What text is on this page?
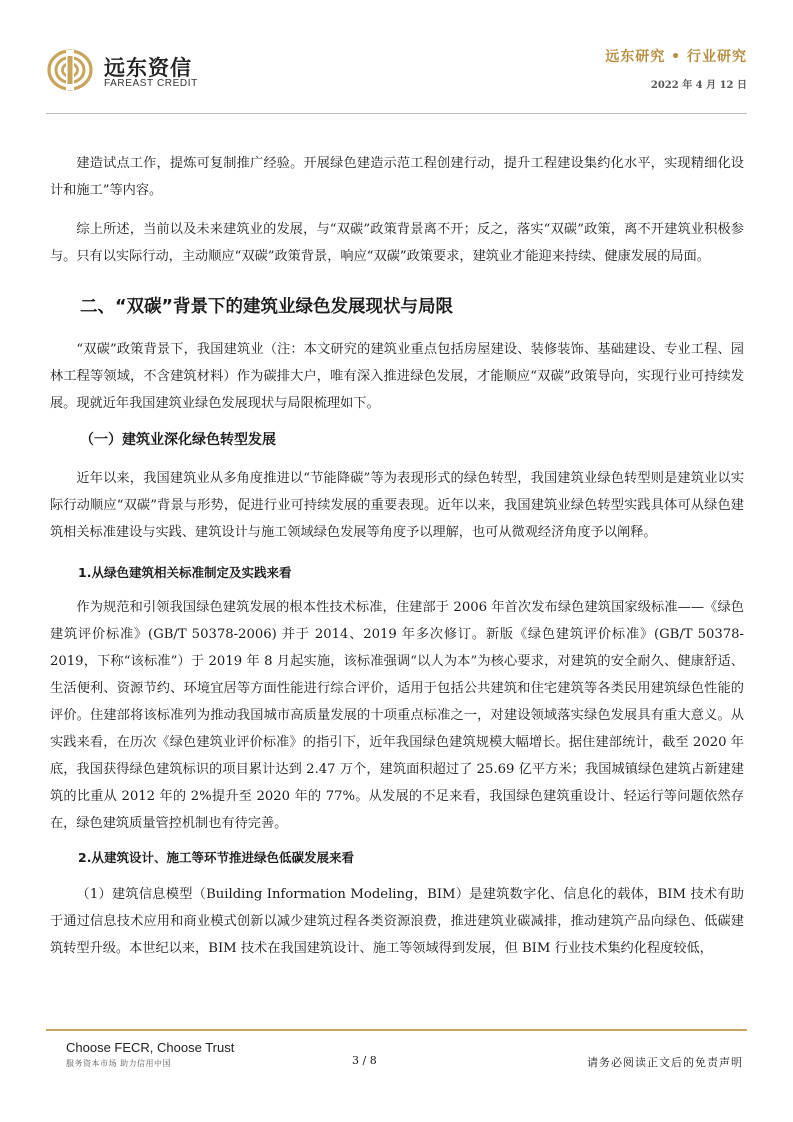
远东资信
FAREAST CREDIT
远东研究 • 行业研究
2022 年 4 月 12 日

建造试点工作，提炼可复制推广经验。开展绿色建造示范工程创建行动，提升工程建设集约化水平，实现精细化设计和施工”等内容。

综上所述，当前以及未来建筑业的发展，与“双碳”政策背景离不开；反之，落实“双碳”政策，离不开建筑业积极参与。只有以实际行动，主动顺应“双碳”政策背景，响应“双碳”政策要求，建筑业才能迎来持续、健康发展的局面。

二、“双碳”背景下的建筑业绿色发展现状与局限

“双碳”政策背景下，我国建筑业（注：本文研究的建筑业重点包括房屋建设、装修装饰、基础建设、专业工程、园林工程等领域，不含建筑材料）作为碳排大户，唯有深入推进绿色发展，才能顺应“双碳”政策导向，实现行业可持续发展。现就近年我国建筑业绿色发展现状与局限梳理如下。

（一）建筑业深化绿色转型发展

近年以来，我国建筑业从多角度推进以“节能降碳”等为表现形式的绿色转型，我国建筑业绿色转型则是建筑业以实际行动顺应“双碳”背景与形势，促进行业可持续发展的重要表现。近年以来，我国建筑业绿色转型实践具体可从绿色建筑相关标准建设与实践、建筑设计与施工领域绿色发展等角度予以理解，也可从微观经济角度予以阐释。

1.从绿色建筑相关标准制定及实践来看

作为规范和引领我国绿色建筑发展的根本性技术标准，住建部于 2006 年首次发布绿色建筑国家级标准——《绿色建筑评价标准》(GB/T 50378-2006) 并于 2014、2019 年多次修订。新版《绿色建筑评价标准》(GB/T 50378-2019，下称“该标准”）于 2019 年 8 月起实施，该标准强调“以人为本”为核心要求，对建筑的安全耐久、健康舒适、生活便利、资源节约、环境宜居等方面性能进行综合评价，适用于包括公共建筑和住宅建筑等各类民用建筑绿色性能的评价。住建部将该标准列为推动我国城市高质量发展的十项重点标准之一，对建设领域落实绿色发展具有重大意义。从实践来看，在历次《绿色建筑业评价标准》的指引下，近年我国绿色建筑规模大幅增长。据住建部统计，截至 2020 年底，我国获得绿色建筑标识的项目累计达到 2.47 万个，建筑面积超过了 25.69 亿平方米；我国城镇绿色建筑占新建建筑的比重从 2012 年的 2%提升至 2020 年的 77%。从发展的不足来看，我国绿色建筑重设计、轻运行等问题依然存在，绿色建筑质量管控机制也有待完善。

2.从建筑设计、施工等环节推进绿色低碳发展来看

（1）建筑信息模型（Building Information Modeling，BIM）是建筑数字化、信息化的载体，BIM 技术有助于通过信息技术应用和商业模式创新以减少建筑过程各类资源浪费，推进建筑业碳减排，推动建筑产品向绿色、低碳建筑转型升级。本世纪以来，BIM 技术在我国建筑设计、施工等领域得到发展，但 BIM 行业技术集约化程度较低，

Choose FECR, Choose Trust
服务资本市场 助力信用中国	3 / 8	请务必阅读正文后的免责声明
